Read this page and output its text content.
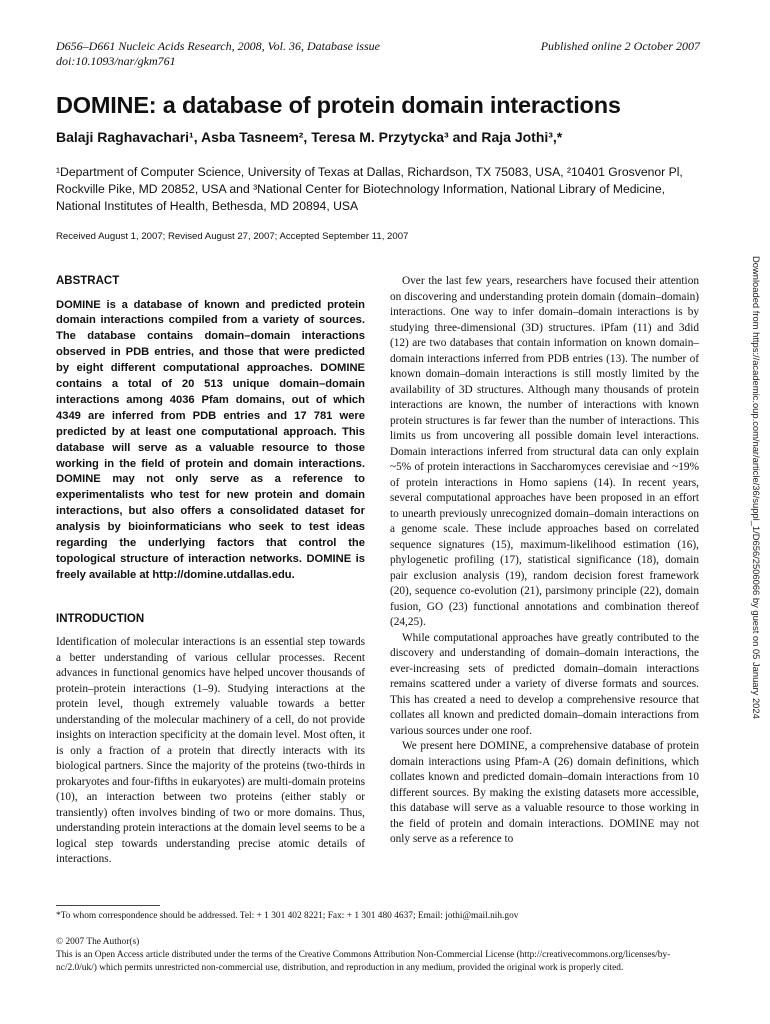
D656–D661 Nucleic Acids Research, 2008, Vol. 36, Database issue
doi:10.1093/nar/gkm761
Published online 2 October 2007
DOMINE: a database of protein domain interactions
Balaji Raghavachari¹, Asba Tasneem², Teresa M. Przytycka³ and Raja Jothi³,*
¹Department of Computer Science, University of Texas at Dallas, Richardson, TX 75083, USA, ²10401 Grosvenor Pl, Rockville Pike, MD 20852, USA and ³National Center for Biotechnology Information, National Library of Medicine, National Institutes of Health, Bethesda, MD 20894, USA
Received August 1, 2007; Revised August 27, 2007; Accepted September 11, 2007
ABSTRACT

DOMINE is a database of known and predicted protein domain interactions compiled from a variety of sources. The database contains domain–domain interactions observed in PDB entries, and those that were predicted by eight different computational approaches. DOMINE contains a total of 20 513 unique domain–domain interactions among 4036 Pfam domains, out of which 4349 are inferred from PDB entries and 17 781 were predicted by at least one computational approach. This database will serve as a valuable resource to those working in the field of protein and domain interactions. DOMINE may not only serve as a reference to experimentalists who test for new protein and domain interactions, but also offers a consolidated dataset for analysis by bioinformaticians who seek to test ideas regarding the underlying factors that control the topological structure of interaction networks. DOMINE is freely available at http://domine.utdallas.edu.

INTRODUCTION

Identification of molecular interactions is an essential step towards a better understanding of various cellular processes. Recent advances in functional genomics have helped uncover thousands of protein–protein interactions (1–9). Studying interactions at the protein level, though extremely valuable towards a better understanding of the molecular machinery of a cell, do not provide insights on interaction specificity at the domain level. Most often, it is only a fraction of a protein that directly interacts with its biological partners. Since the majority of the proteins (two-thirds in prokaryotes and four-fifths in eukaryotes) are multi-domain proteins (10), an interaction between two proteins (either stably or transiently) often involves binding of two or more domains. Thus, understanding protein interactions at the domain level seems to be a logical step towards understanding precise atomic details of interactions.

Over the last few years, researchers have focused their attention on discovering and understanding protein domain (domain–domain) interactions. One way to infer domain–domain interactions is by studying three-dimensional (3D) structures. iPfam (11) and 3did (12) are two databases that contain information on known domain–domain interactions inferred from PDB entries (13). The number of known domain–domain interactions is still mostly limited by the availability of 3D structures. Although many thousands of protein interactions are known, the number of interactions with known protein structures is far fewer than the number of interactions. This limits us from uncovering all possible domain level interactions. Domain interactions inferred from structural data can only explain ~5% of protein interactions in Saccharomyces cerevisiae and ~19% of protein interactions in Homo sapiens (14). In recent years, several computational approaches have been proposed in an effort to unearth previously unrecognized domain–domain interactions on a genome scale. These include approaches based on correlated sequence signatures (15), maximum-likelihood estimation (16), phylogenetic profiling (17), statistical significance (18), domain pair exclusion analysis (19), random decision forest framework (20), sequence co-evolution (21), parsimony principle (22), domain fusion, GO (23) functional annotations and combination thereof (24,25).

While computational approaches have greatly contributed to the discovery and understanding of domain–domain interactions, the ever-increasing sets of predicted domain–domain interactions remains scattered under a variety of diverse formats and sources. This has created a need to develop a comprehensive resource that collates all known and predicted domain–domain interactions from various sources under one roof.

We present here DOMINE, a comprehensive database of protein domain interactions using Pfam-A (26) domain definitions, which collates known and predicted domain–domain interactions from 10 different sources. By making the existing datasets more accessible, this database will serve as a valuable resource to those working in the field of protein and domain interactions. DOMINE may not only serve as a reference to

*To whom correspondence should be addressed. Tel: + 1 301 402 8221; Fax: + 1 301 480 4637; Email: jothi@mail.nih.gov
© 2007 The Author(s)
This is an Open Access article distributed under the terms of the Creative Commons Attribution Non-Commercial License (http://creativecommons.org/licenses/by-nc/2.0/uk/) which permits unrestricted non-commercial use, distribution, and reproduction in any medium, provided the original work is properly cited.
Downloaded from https://academic.oup.com/nar/article/36/suppl_1/D656/2506066 by guest on 05 January 2024
